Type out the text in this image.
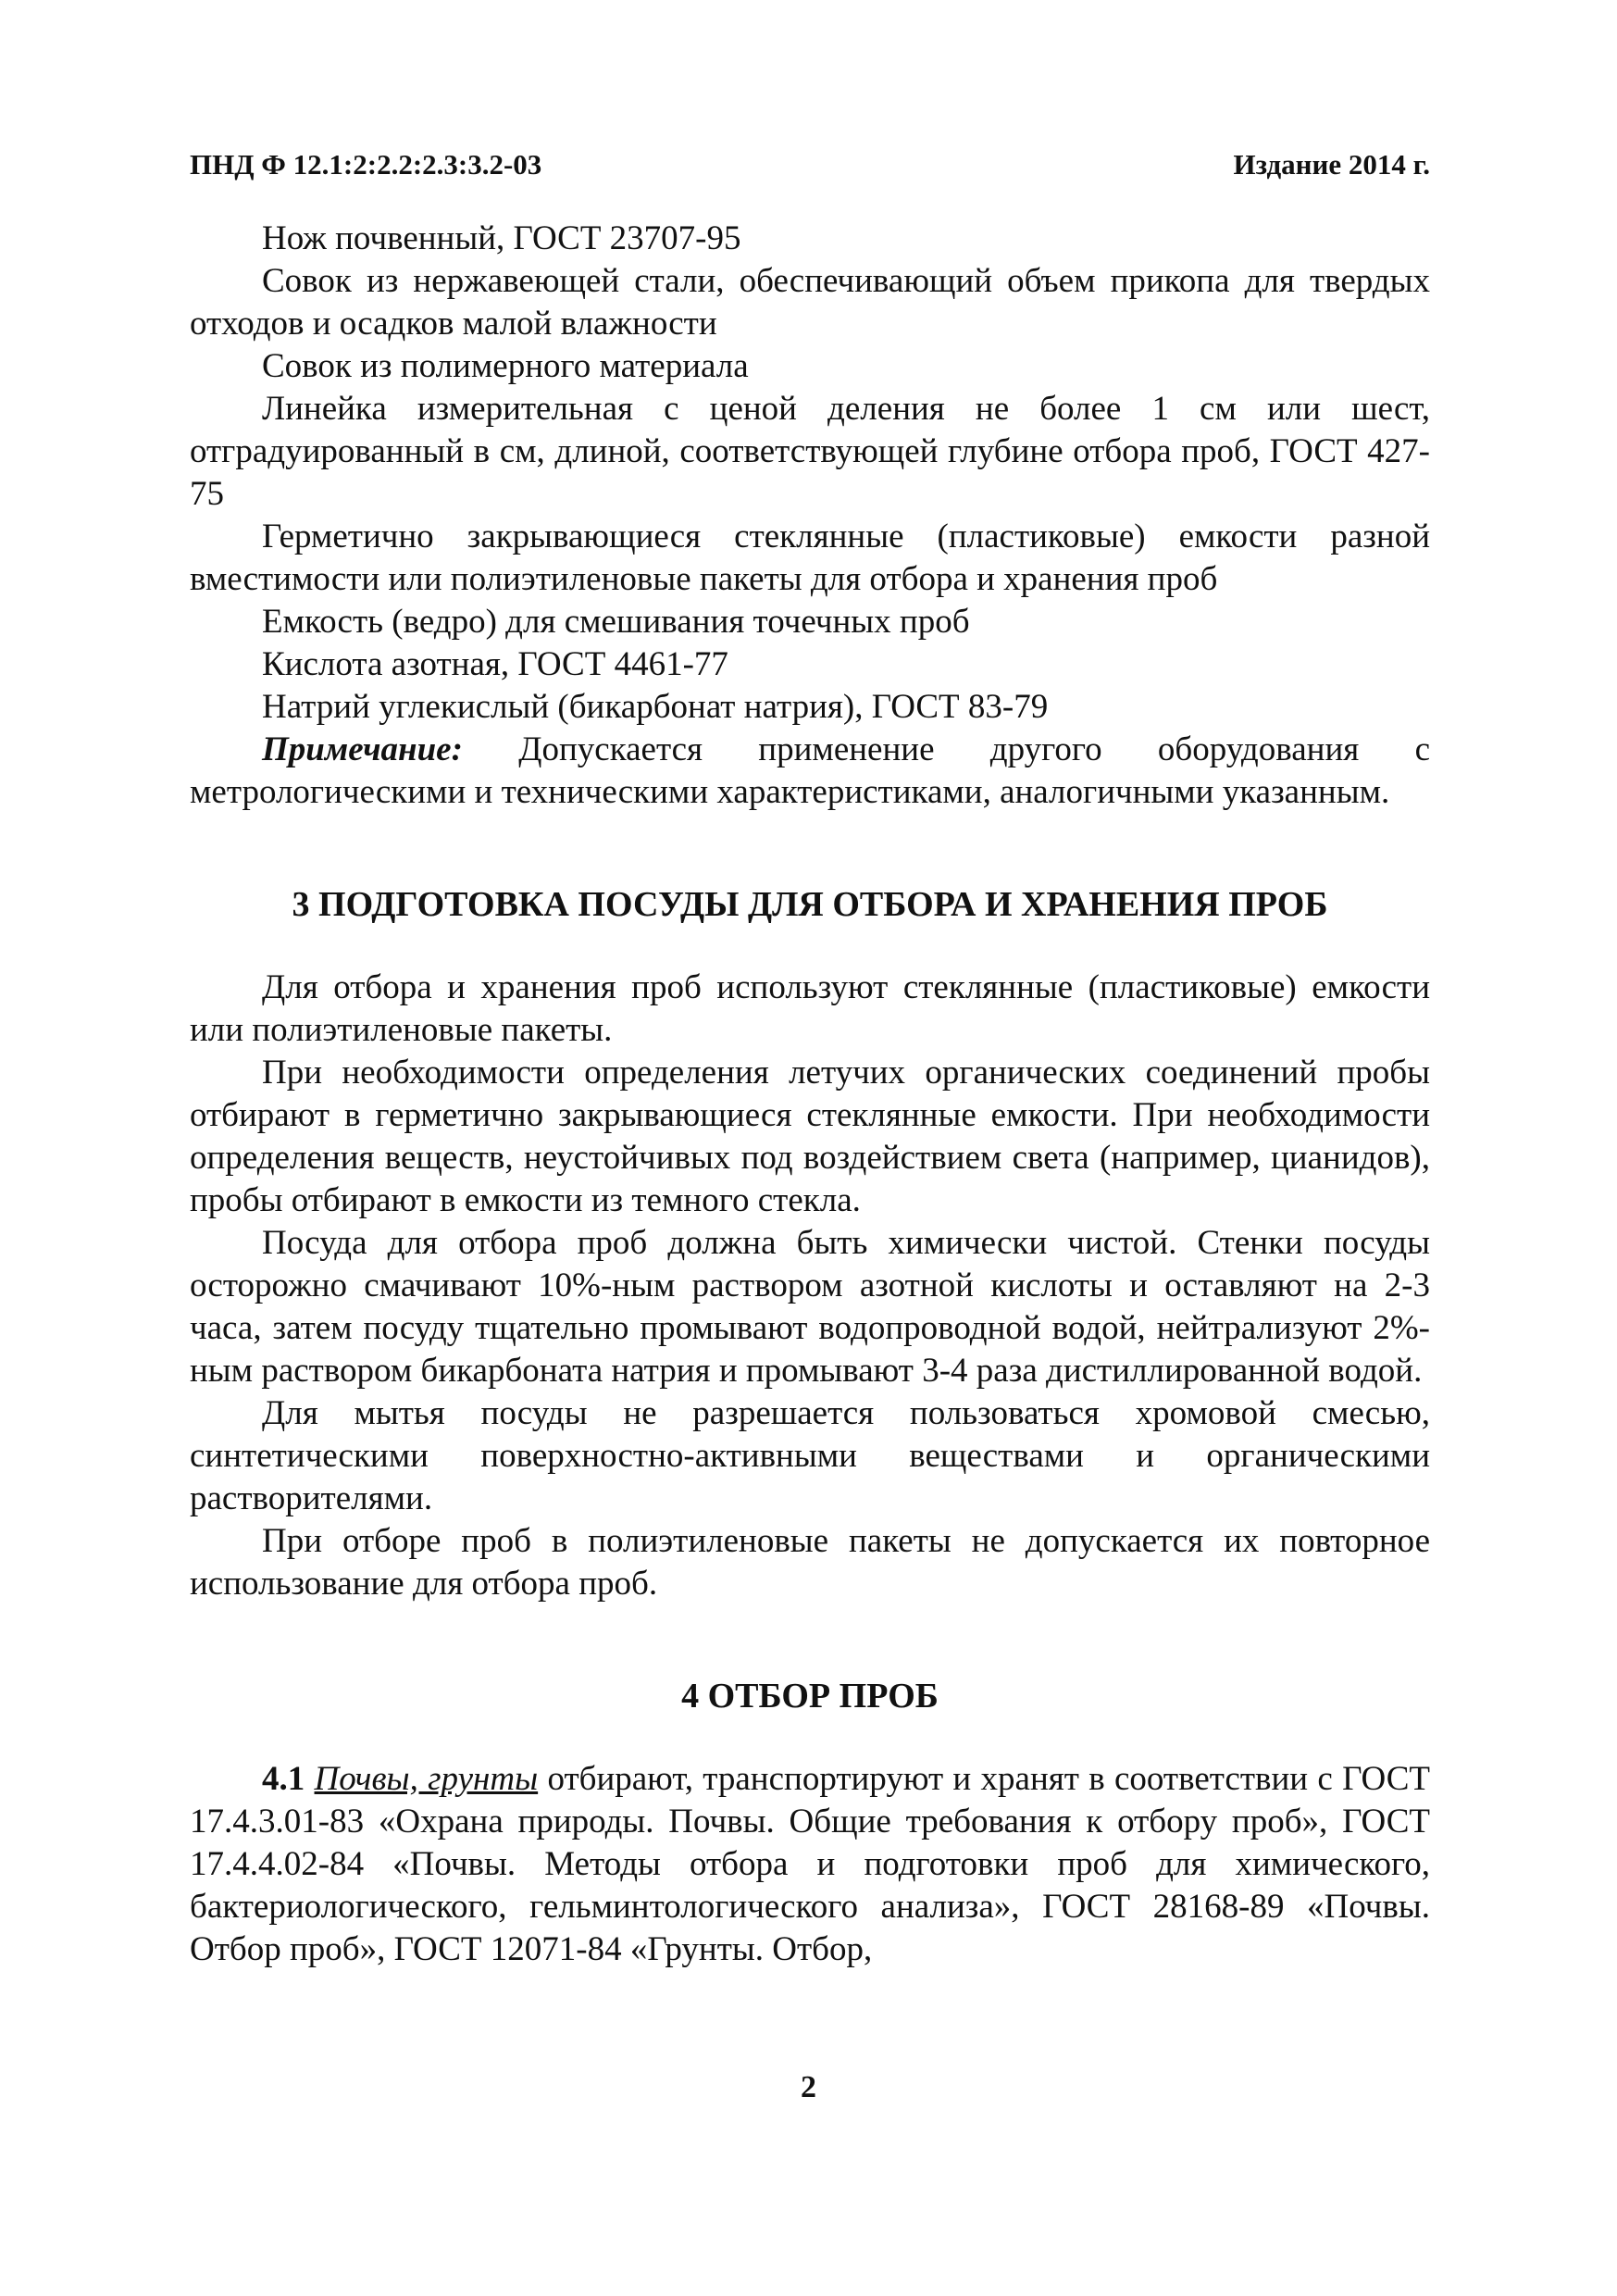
ПНД Ф 12.1:2:2.2:2.3:3.2-03	Издание 2014 г.

Нож почвенный, ГОСТ 23707-95

Совок из нержавеющей стали, обеспечивающий объем прикопа для твердых отходов и осадков малой влажности

Совок из полимерного материала

Линейка измерительная с ценой деления не более 1 см или шест, отградуированный в см, длиной, соответствующей глубине отбора проб, ГОСТ 427-75

Герметично закрывающиеся стеклянные (пластиковые) емкости разной вместимости или полиэтиленовые пакеты для отбора и хранения проб

Емкость (ведро) для смешивания точечных проб

Кислота азотная, ГОСТ 4461-77

Натрий углекислый (бикарбонат натрия), ГОСТ 83-79

Примечание: Допускается применение другого оборудования с метрологическими и техническими характеристиками, аналогичными указанным.

3 ПОДГОТОВКА ПОСУДЫ ДЛЯ ОТБОРА И ХРАНЕНИЯ ПРОБ

Для отбора и хранения проб используют стеклянные (пластиковые) емкости или полиэтиленовые пакеты.

При необходимости определения летучих органических соединений пробы отбирают в герметично закрывающиеся стеклянные емкости. При необходимости определения веществ, неустойчивых под воздействием света (например, цианидов), пробы отбирают в емкости из темного стекла.

Посуда для отбора проб должна быть химически чистой. Стенки посуды осторожно смачивают 10%-ным раствором азотной кислоты и оставляют на 2-3 часа, затем посуду тщательно промывают водопроводной водой, нейтрализуют 2%-ным раствором бикарбоната натрия и промывают 3-4 раза дистиллированной водой.

Для мытья посуды не разрешается пользоваться хромовой смесью, синтетическими поверхностно-активными веществами и органическими растворителями.

При отборе проб в полиэтиленовые пакеты не допускается их повторное использование для отбора проб.

4 ОТБОР ПРОБ

4.1 Почвы, грунты отбирают, транспортируют и хранят в соответствии с ГОСТ 17.4.3.01-83 «Охрана природы. Почвы. Общие требования к отбору проб», ГОСТ 17.4.4.02-84 «Почвы. Методы отбора и подготовки проб для химического, бактериологического, гельминтологического анализа», ГОСТ 28168-89 «Почвы. Отбор проб», ГОСТ 12071-84 «Грунты. Отбор,

2
